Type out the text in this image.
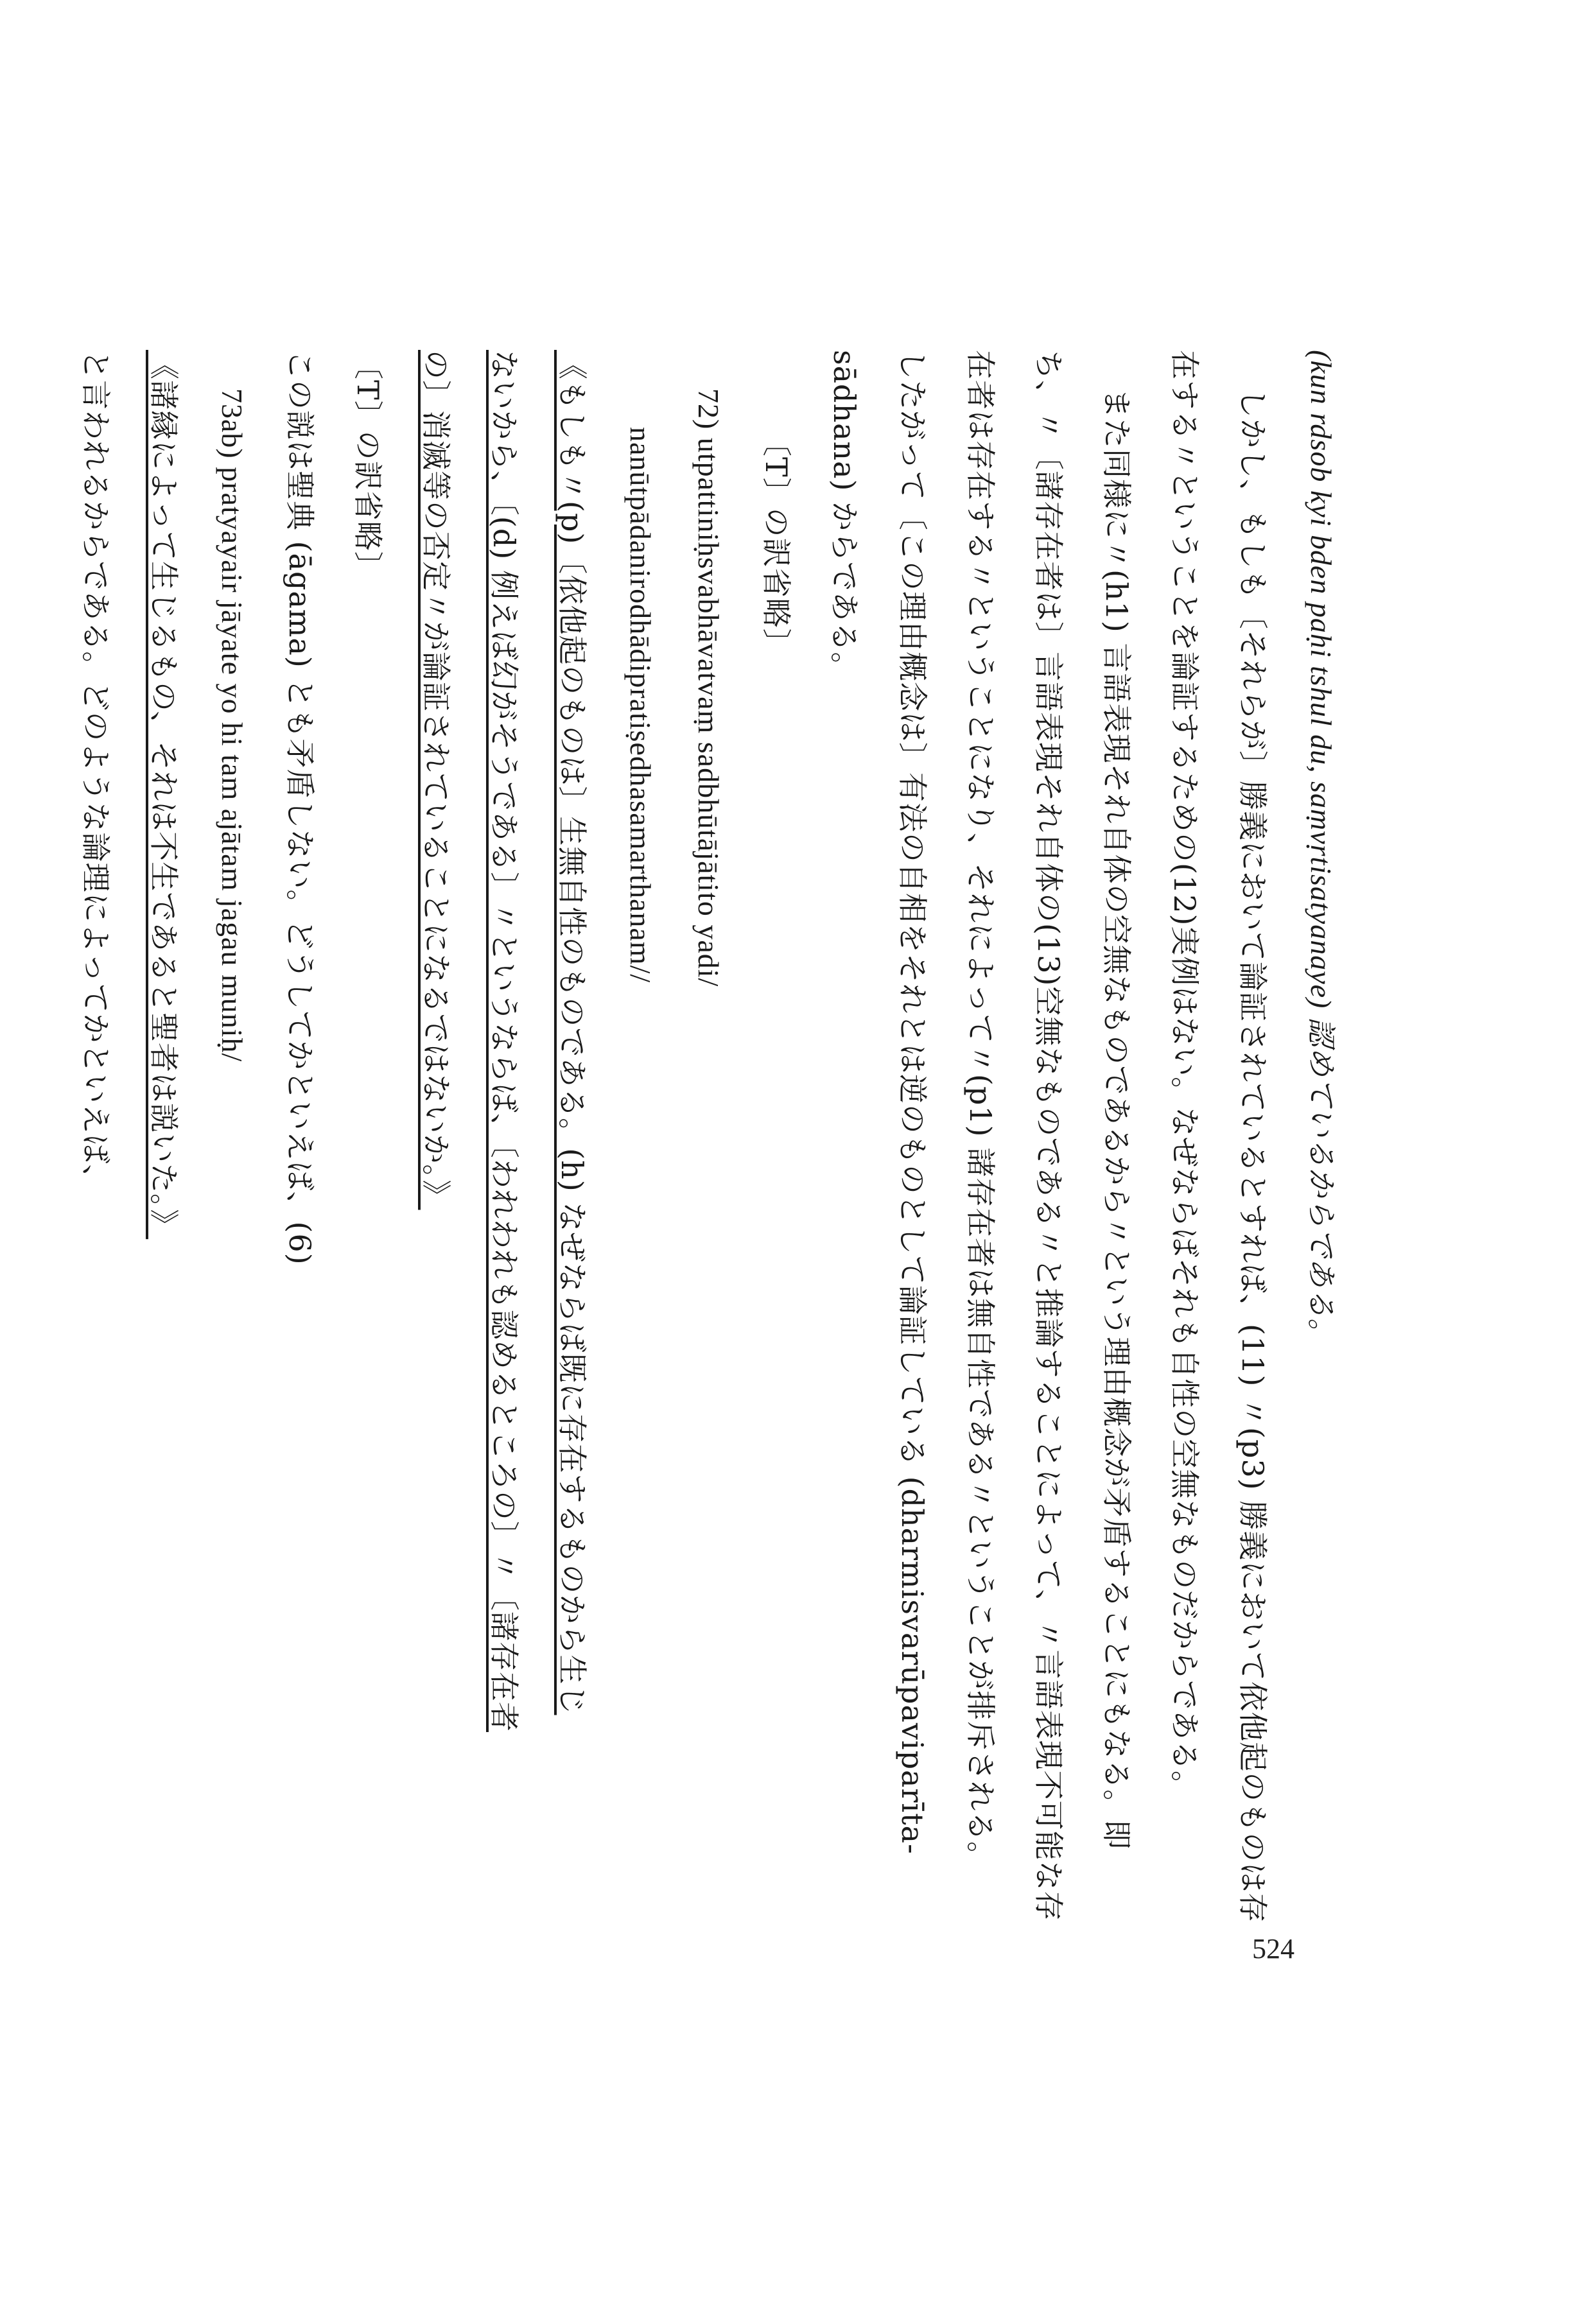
(kun rdsob kyi bden paḥi tshul du, saṃvṛtisatyanaye) 認めているからである。
しかし、もしも〔それらが〕勝義において論証されているとすれば、(11) 〃(p3) 勝義において依他起のものは存
在する〃ということを論証するための(12)実例はない。なぜならばそれも自性の空無なものだからである。
また同様に〃(h1) 言語表現それ自体の空無なものであるから〃という理由概念が矛盾することにもなる。即
ち、〃〔諸存在者は〕言語表現それ自体の(13)空無なものである〃と推論することによって、〃言語表現不可能な存
在者は存在する〃ということになり、それによって〃(p1) 諸存在者は無自性である〃ということが排斥される。
したがって〔この理由概念は〕有法の自相をそれとは逆のものとして論証している (dharmisvarūpaviparīta-
sādhana) からである。
〔T〕の訳省略〕
72) utpattiniḥsvabhāvatvaṃ sadbhūtājātito yadi/
nanūtpādanirodhādipratiṣedhasamarthanam//
《もしも〃(p)〔依他起のものは〕生無自性のものである。(h) なぜならば既に存在するものから生じ
ないから、〔(d) 例えば幻がそうである〕〃というならば、〔われわれも認めるところの〕〃〔諸存在者
の〕消滅等の否定〃が論証されていることになるではないか。》
〔T〕の訳省略〕
この説は聖典 (āgama) とも矛盾しない。どうしてかといえば、(6)
73ab) pratyayair jāyate yo hi tam ajātam jagau muniḥ/
《諸縁によって生じるもの、それは不生であると聖者は説いた。》
と言われるからである。どのような論理によってかといえば、
524
